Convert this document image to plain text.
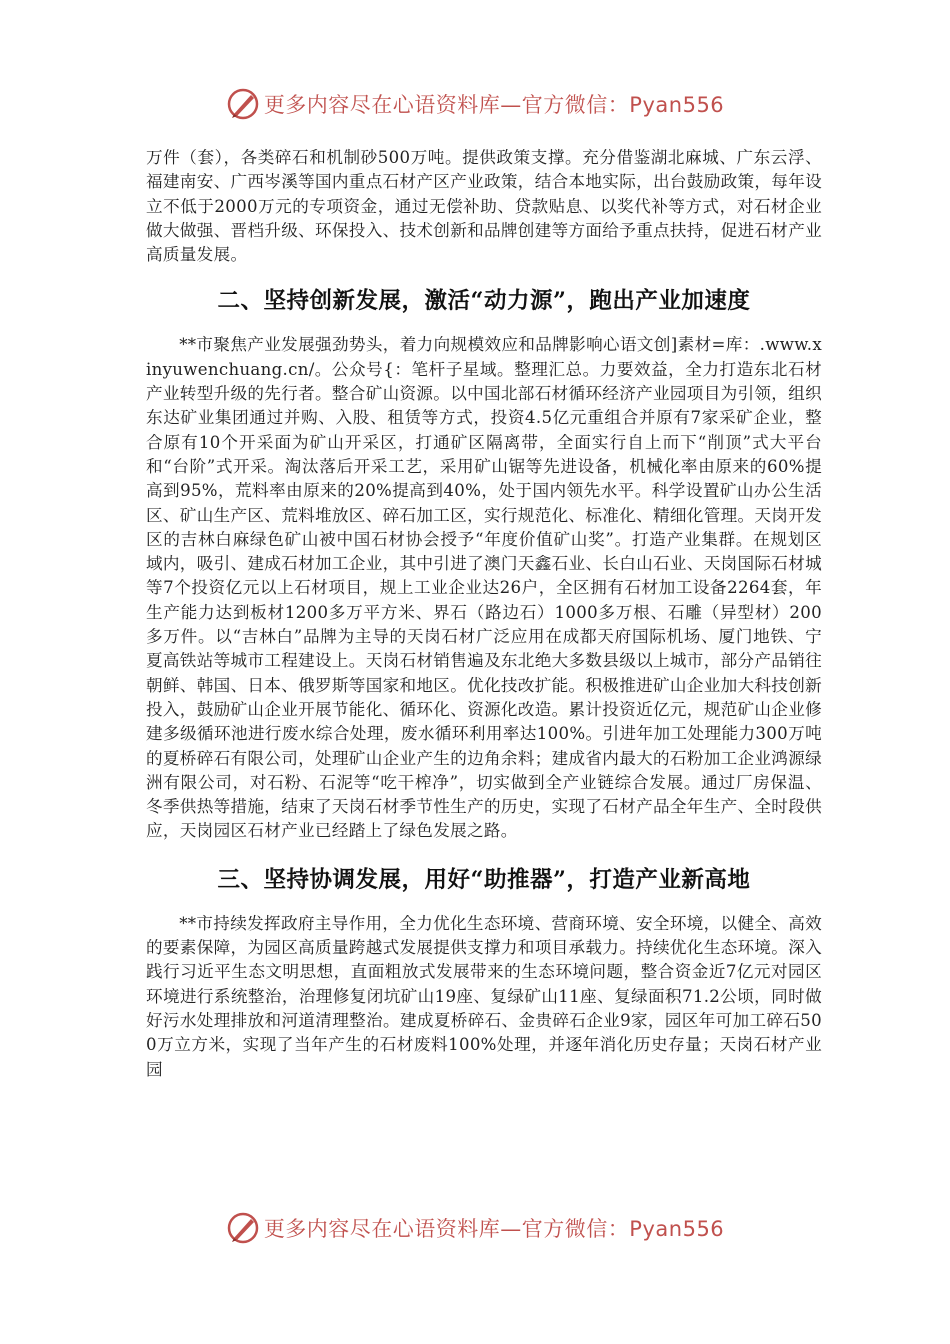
更多内容尽在心语资料库—官方微信：Pyan556

万件（套），各类碎石和机制砂500万吨。提供政策支撑。充分借鉴湖北麻城、广东云浮、福建南安、广西岑溪等国内重点石材产区产业政策，结合本地实际，出台鼓励政策，每年设立不低于2000万元的专项资金，通过无偿补助、贷款贴息、以奖代补等方式，对石材企业做大做强、晋档升级、环保投入、技术创新和品牌创建等方面给予重点扶持，促进石材产业高质量发展。

二、坚持创新发展，激活“动力源”，跑出产业加速度

**市聚焦产业发展强劲势头，着力向规模效应和品牌影响心语文创]素材=库：.www.xinyuwenchuang.cn/。公众号{：笔杆子星域。整理汇总。力要效益，全力打造东北石材产业转型升级的先行者。整合矿山资源。以中国北部石材循环经济产业园项目为引领，组织东达矿业集团通过并购、入股、租赁等方式，投资4.5亿元重组合并原有7家采矿企业，整合原有10个开采面为矿山开采区，打通矿区隔离带，全面实行自上而下“削顶”式大平台和“台阶”式开采。淘汰落后开采工艺，采用矿山锯等先进设备，机械化率由原来的60%提高到95%，荒料率由原来的20%提高到40%，处于国内领先水平。科学设置矿山办公生活区、矿山生产区、荒料堆放区、碎石加工区，实行规范化、标准化、精细化管理。天岗开发区的吉林白麻绿色矿山被中国石材协会授予“年度价值矿山奖”。打造产业集群。在规划区域内，吸引、建成石材加工企业，其中引进了澳门天鑫石业、长白山石业、天岗国际石材城等7个投资亿元以上石材项目，规上工业企业达26户，全区拥有石材加工设备2264套，年生产能力达到板材1200多万平方米、界石（路边石）1000多万根、石雕（异型材）200多万件。以“吉林白”品牌为主导的天岗石材广泛应用在成都天府国际机场、厦门地铁、宁夏高铁站等城市工程建设上。天岗石材销售遍及东北绝大多数县级以上城市，部分产品销往朝鲜、韩国、日本、俄罗斯等国家和地区。优化技改扩能。积极推进矿山企业加大科技创新投入，鼓励矿山企业开展节能化、循环化、资源化改造。累计投资近亿元，规范矿山企业修建多级循环池进行废水综合处理，废水循环利用率达100%。引进年加工处理能力300万吨的夏桥碎石有限公司，处理矿山企业产生的边角余料；建成省内最大的石粉加工企业鸿源绿洲有限公司，对石粉、石泥等“吃干榨净”，切实做到全产业链综合发展。通过厂房保温、冬季供热等措施，结束了天岗石材季节性生产的历史，实现了石材产品全年生产、全时段供应，天岗园区石材产业已经踏上了绿色发展之路。

三、坚持协调发展，用好“助推器”，打造产业新高地

**市持续发挥政府主导作用，全力优化生态环境、营商环境、安全环境，以健全、高效的要素保障，为园区高质量跨越式发展提供支撑力和项目承载力。持续优化生态环境。深入践行习近平生态文明思想，直面粗放式发展带来的生态环境问题，整合资金近7亿元对园区环境进行系统整治，治理修复闭坑矿山19座、复绿矿山11座、复绿面积71.2公顷，同时做好污水处理排放和河道清理整治。建成夏桥碎石、金贵碎石企业9家，园区年可加工碎石500万立方米，实现了当年产生的石材废料100%处理，并逐年消化历史存量；天岗石材产业园

更多内容尽在心语资料库—官方微信：Pyan556
